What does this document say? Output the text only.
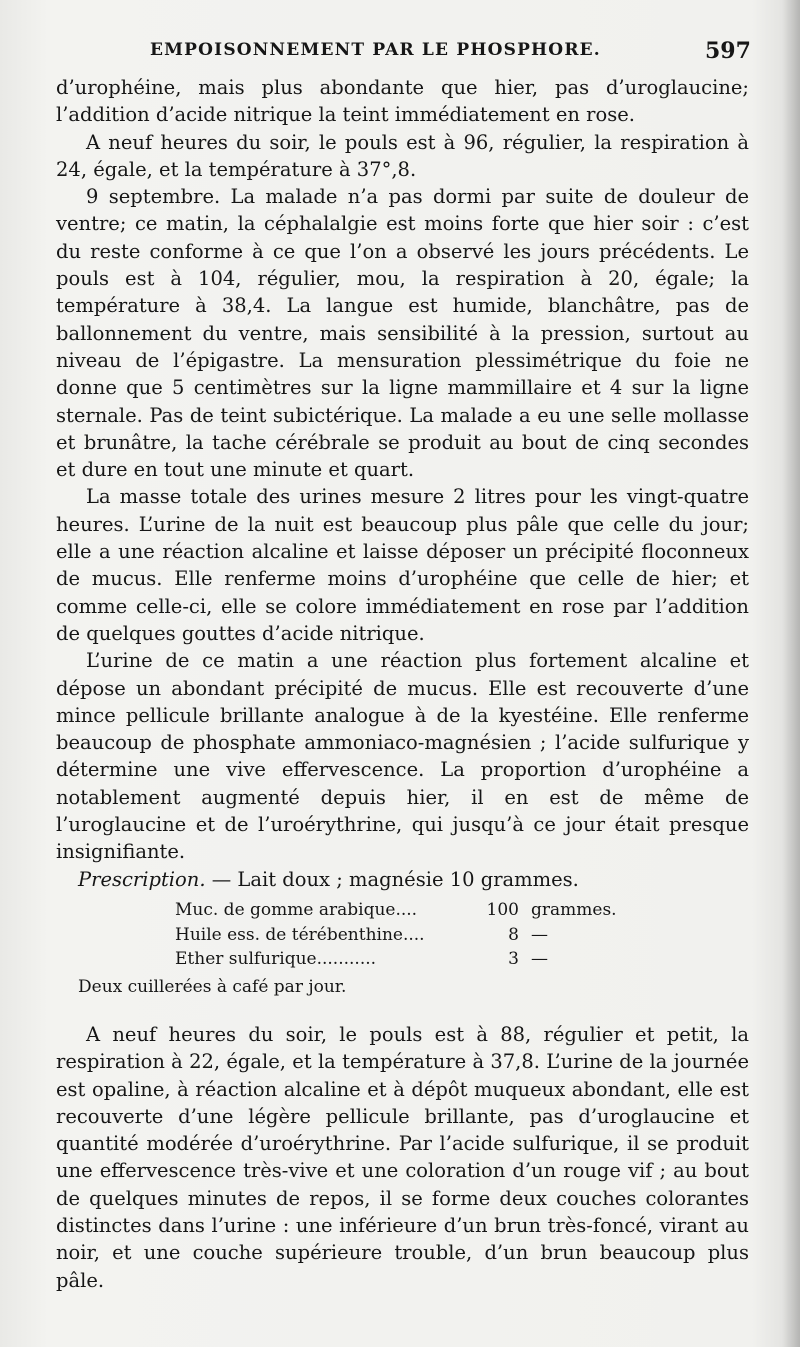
EMPOISONNEMENT PAR LE PHOSPHORE.	597

d’urophéine, mais plus abondante que hier, pas d’uroglaucine; l’addition d’acide nitrique la teint immédiatement en rose.

A neuf heures du soir, le pouls est à 96, régulier, la respiration à 24, égale, et la température à 37°,8.

9 septembre. La malade n’a pas dormi par suite de douleur de ventre; ce matin, la céphalalgie est moins forte que hier soir : c’est du reste conforme à ce que l’on a observé les jours précédents. Le pouls est à 104, régulier, mou, la respiration à 20, égale; la température à 38,4. La langue est humide, blanchâtre, pas de ballonnement du ventre, mais sensibilité à la pression, surtout au niveau de l’épigastre. La mensuration plessimétrique du foie ne donne que 5 centimètres sur la ligne mammillaire et 4 sur la ligne sternale. Pas de teint subictérique. La malade a eu une selle mollasse et brunâtre, la tache cérébrale se produit au bout de cinq secondes et dure en tout une minute et quart.

La masse totale des urines mesure 2 litres pour les vingt-quatre heures. L’urine de la nuit est beaucoup plus pâle que celle du jour; elle a une réaction alcaline et laisse déposer un précipité floconneux de mucus. Elle renferme moins d’urophéine que celle de hier; et comme celle-ci, elle se colore immédiatement en rose par l’addition de quelques gouttes d’acide nitrique.

L’urine de ce matin a une réaction plus fortement alcaline et dépose un abondant précipité de mucus. Elle est recouverte d’une mince pellicule brillante analogue à de la kyestéine. Elle renferme beaucoup de phosphate ammoniaco-magnésien ; l’acide sulfurique y détermine une vive effervescence. La proportion d’urophéine a notablement augmenté depuis hier, il en est de même de l’uroglaucine et de l’uroérythrine, qui jusqu’à ce jour était presque insignifiante.

Prescription. — Lait doux ; magnésie 10 grammes.

Muc. de gomme arabique....	100 grammes.
Huile ess. de térébenthine....	8 —
Ether sulfurique...........	3 —
Deux cuillerées à café par jour.

A neuf heures du soir, le pouls est à 88, régulier et petit, la respiration à 22, égale, et la température à 37,8. L’urine de la journée est opaline, à réaction alcaline et à dépôt muqueux abondant, elle est recouverte d’une légère pellicule brillante, pas d’uroglaucine et quantité modérée d’uroérythrine. Par l’acide sulfurique, il se produit une effervescence très-vive et une coloration d’un rouge vif ; au bout de quelques minutes de repos, il se forme deux couches colorantes distinctes dans l’urine : une inférieure d’un brun très-foncé, virant au noir, et une couche supérieure trouble, d’un brun beaucoup plus pâle.
